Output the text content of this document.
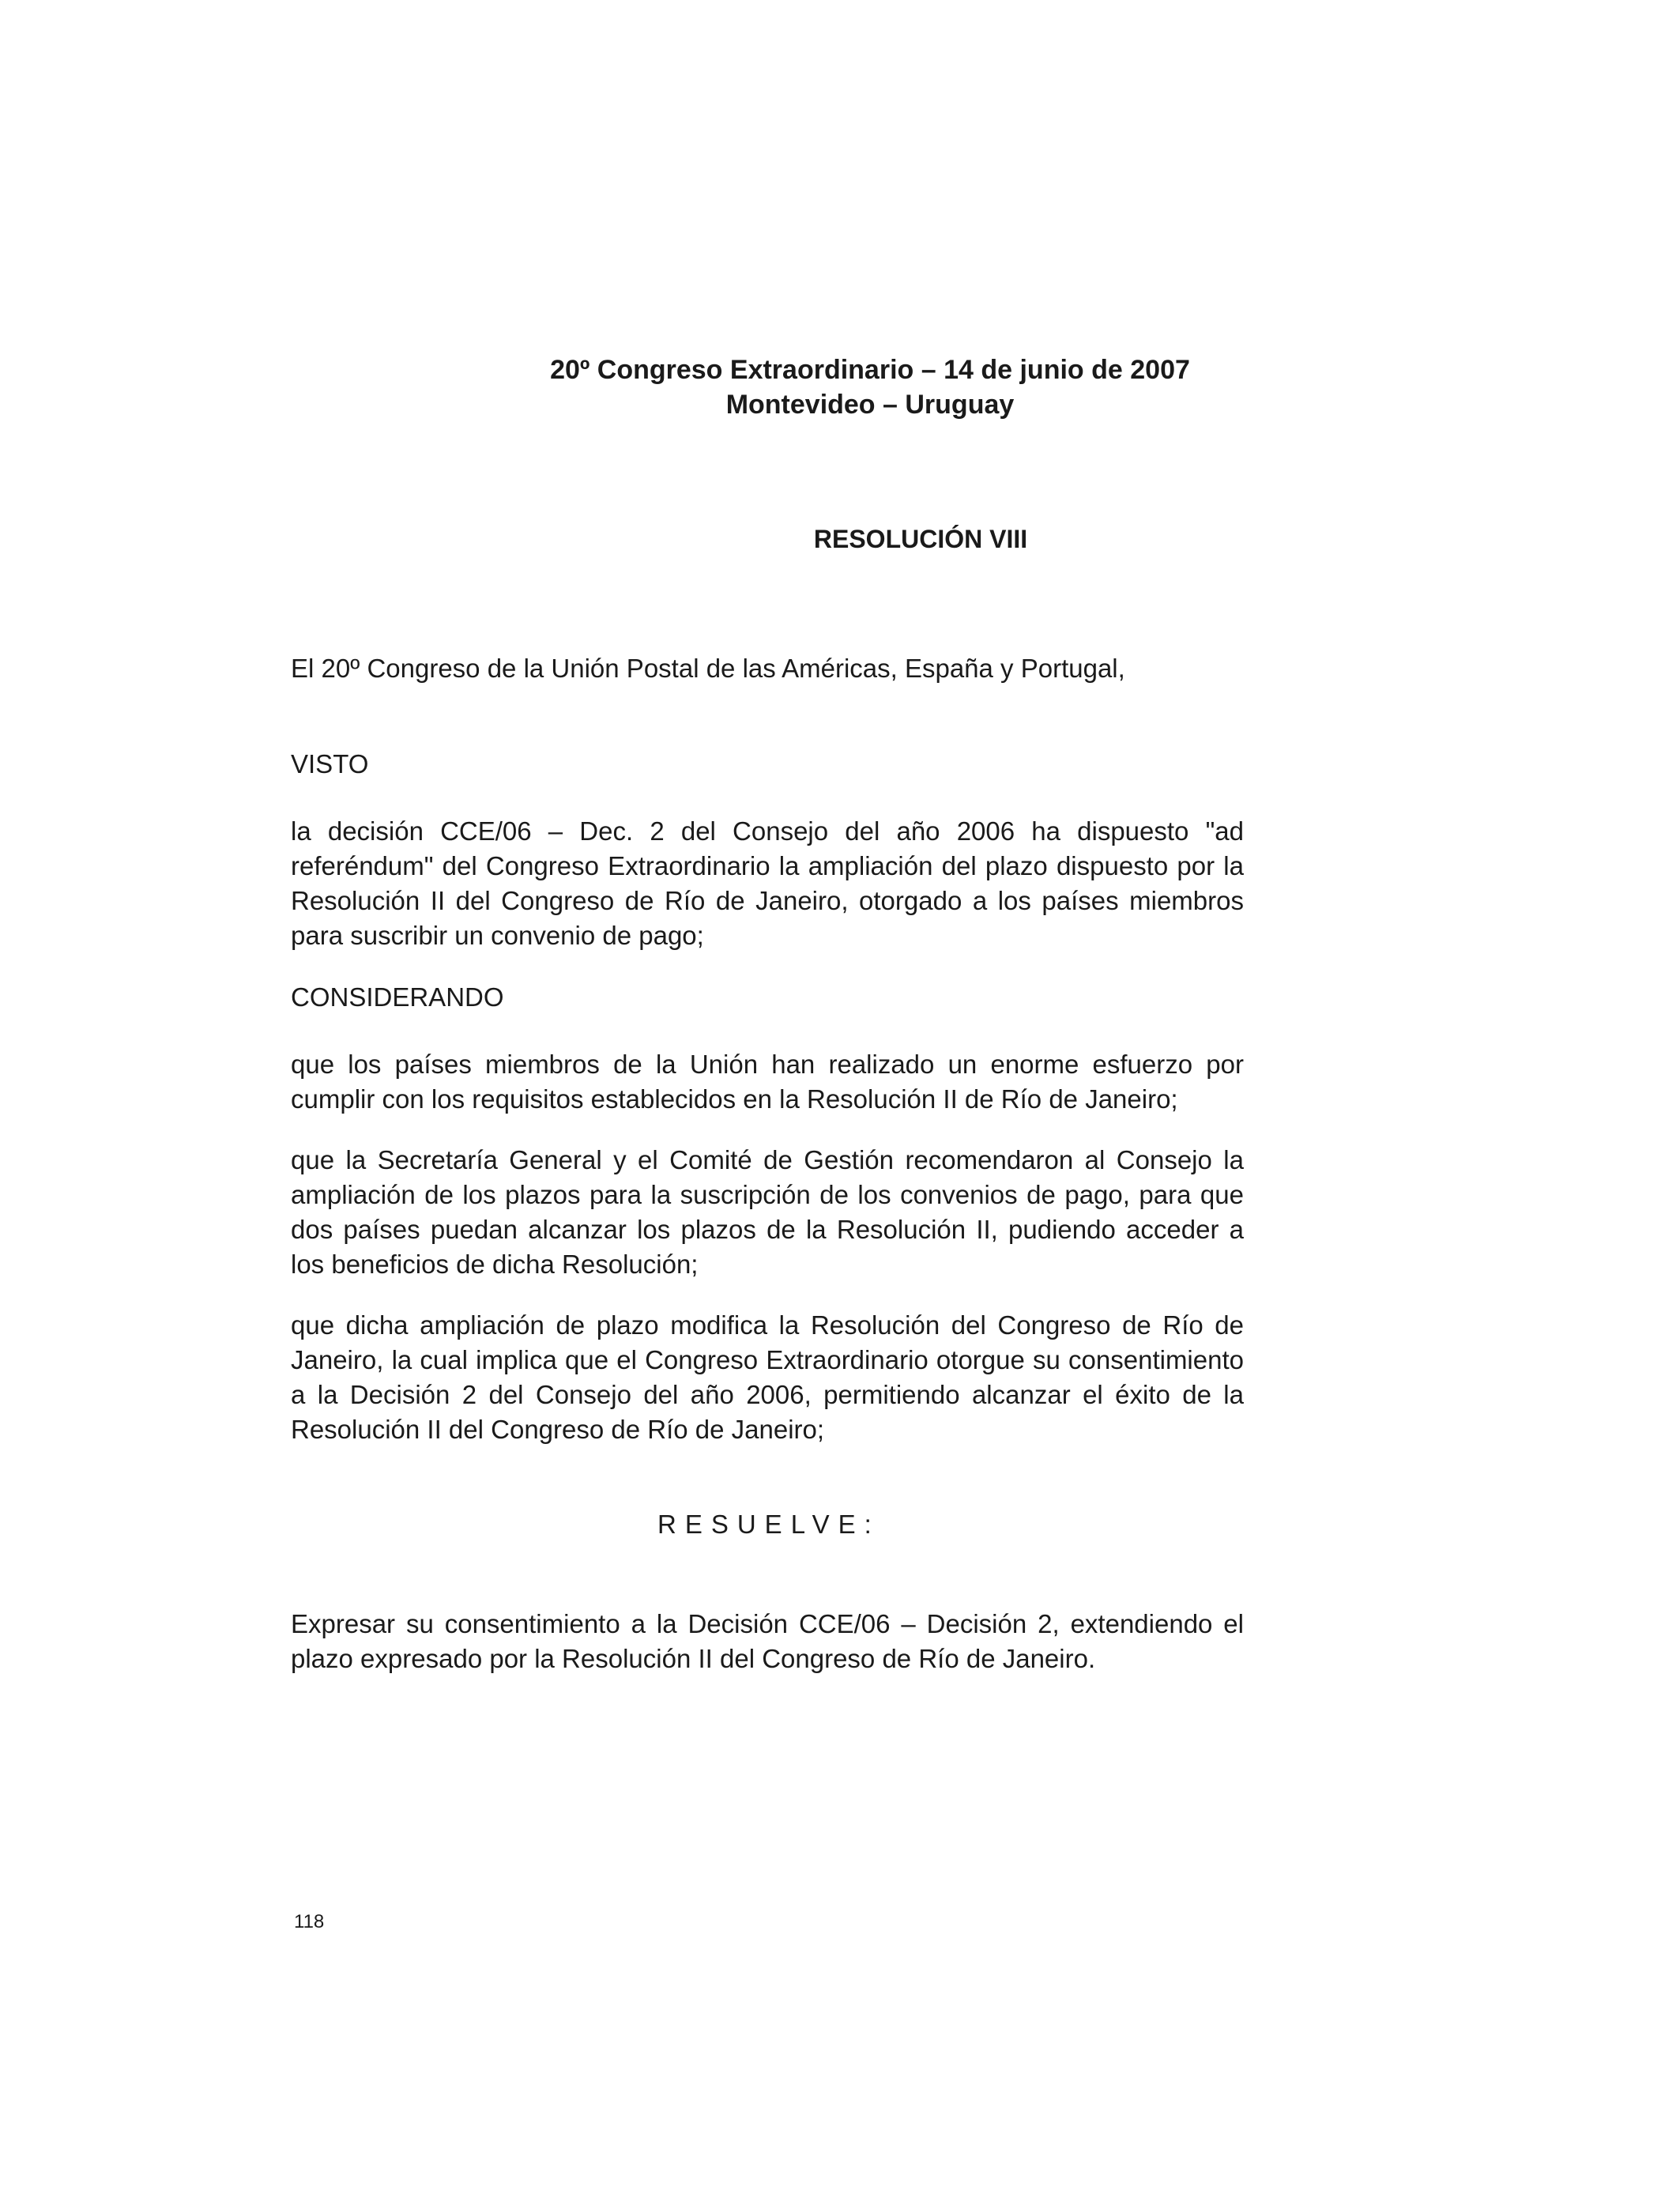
20º Congreso Extraordinario – 14 de junio de 2007

Montevideo – Uruguay

RESOLUCIÓN VIII

El 20º Congreso de la Unión Postal de las Américas, España y Portugal,

VISTO

la decisión CCE/06 – Dec. 2 del Consejo del año 2006 ha dispuesto "ad referéndum" del Congreso Extraordinario la ampliación del plazo dispuesto por la Resolución II del Congreso de Río de Janeiro, otorgado a los países miembros para suscribir un convenio de pago;

CONSIDERANDO

que los países miembros de la Unión han realizado un enorme esfuerzo por cumplir con los requisitos establecidos en la Resolución II de Río de Janeiro;

que la Secretaría General y el Comité de Gestión recomendaron al Consejo la ampliación de los plazos para la suscripción de los convenios de pago, para que dos países puedan alcanzar los plazos de la Resolución II, pudiendo acceder a los beneficios de dicha Resolución;

que dicha ampliación de plazo modifica la Resolución del Congreso de Río de Janeiro, la cual implica que el Congreso Extraordinario otorgue su consentimiento a la Decisión 2 del Consejo del año 2006, permitiendo alcanzar el éxito de la Resolución II del Congreso de Río de Janeiro;

RESUELVE:

Expresar su consentimiento a la Decisión CCE/06 – Decisión 2, extendiendo el plazo expresado por la Resolución II del Congreso de Río de Janeiro.

118
